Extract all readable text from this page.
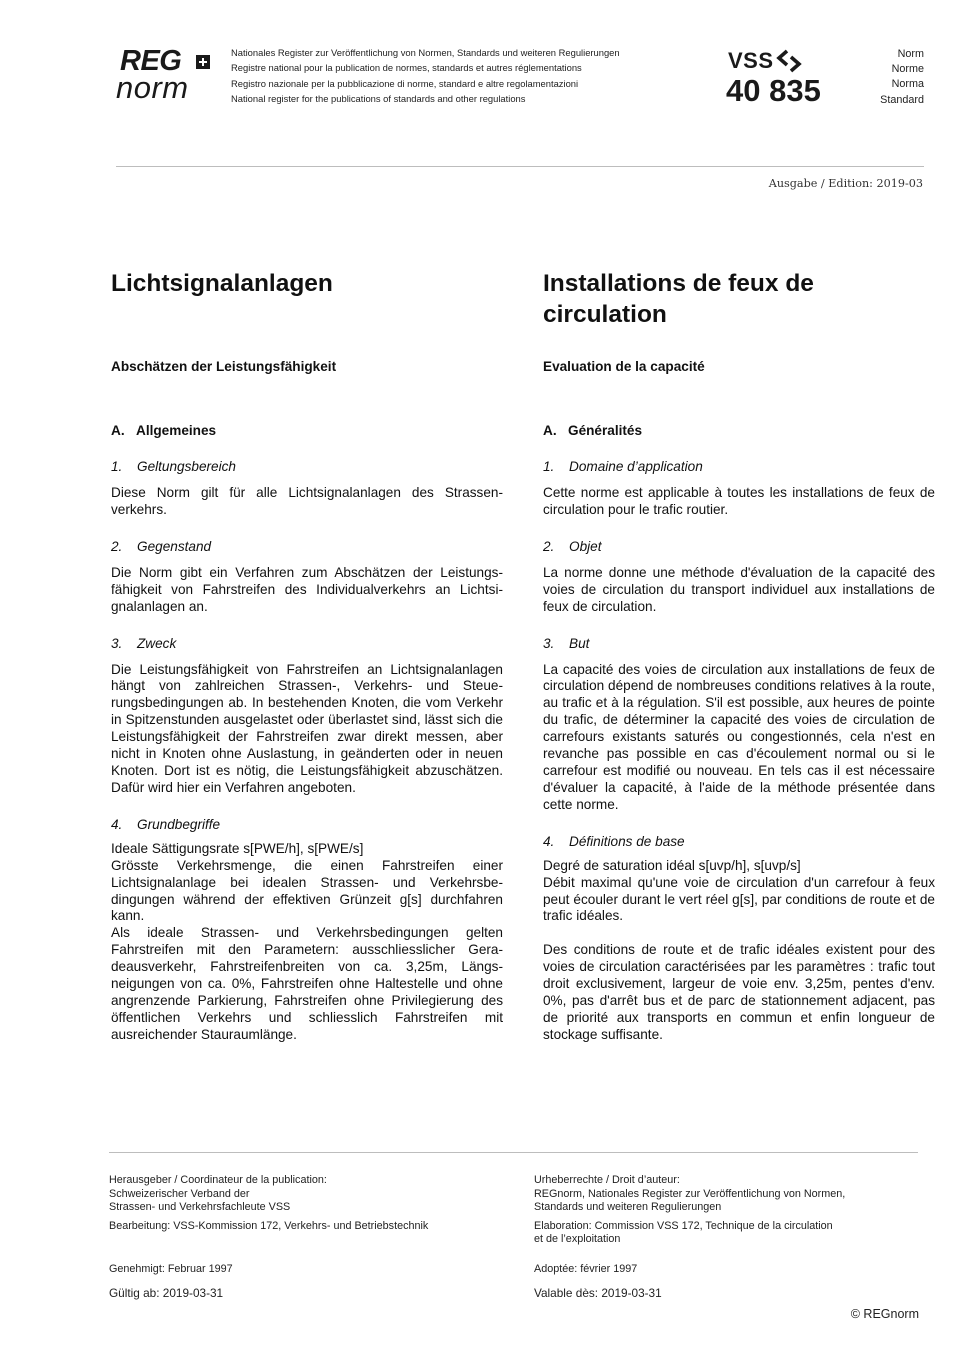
REG
norm
Nationales Register zur Veröffentlichung von Normen, Standards und weiteren Regulierungen
Registre national pour la publication de normes, standards et autres réglementations
Registro nazionale per la pubblicazione di norme, standard e altre regolamentazioni
National register for the publications of standards and other regulations
VSS
40 835
Norm
Norme
Norma
Standard
Ausgabe / Edition: 2019-03
Lichtsignalanlagen

Abschätzen der Leistungsfähigkeit

A. Allgemeines

1. Geltungsbereich

Diese Norm gilt für alle Lichtsignalanlagen des Strassenverkehrs.

2. Gegenstand

Die Norm gibt ein Verfahren zum Abschätzen der Leistungsfähigkeit von Fahrstreifen des Individualverkehrs an Lichtsignalanlagen an.

3. Zweck

Die Leistungsfähigkeit von Fahrstreifen an Lichtsignalanlagen hängt von zahlreichen Strassen-, Verkehrs- und Steuerungsbedingungen ab. In bestehenden Knoten, die vom Verkehr in Spitzenstunden ausgelastet oder überlastet sind, lässt sich die Leistungsfähigkeit der Fahrstreifen zwar direkt messen, aber nicht in Knoten ohne Auslastung, in geänderten oder in neuen Knoten. Dort ist es nötig, die Leistungsfähigkeit abzuschätzen. Dafür wird hier ein Verfahren angeboten.

4. Grundbegriffe

Ideale Sättigungsrate s[PWE/h], s[PWE/s]

Grösste Verkehrsmenge, die einen Fahrstreifen einer Lichtsignalanlage bei idealen Strassen- und Verkehrsbedingungen während der effektiven Grünzeit g[s] durchfahren kann.

Als ideale Strassen- und Verkehrsbedingungen gelten Fahrstreifen mit den Parametern: ausschliesslicher Geradeausverkehr, Fahrstreifenbreiten von ca. 3,25m, Längsneigungen von ca. 0%, Fahrstreifen ohne Haltestelle und ohne angrenzende Parkierung, Fahrstreifen ohne Privilegierung des öffentlichen Verkehrs und schliesslich Fahrstreifen mit ausreichender Stauraumlänge.

Installations de feux de circulation

Evaluation de la capacité

A. Généralités

1. Domaine d’application

Cette norme est applicable à toutes les installations de feux de circulation pour le trafic routier.

2. Objet

La norme donne une méthode d'évaluation de la capacité des voies de circulation du transport individuel aux installations de feux de circulation.

3. But

La capacité des voies de circulation aux installations de feux de circulation dépend de nombreuses conditions relatives à la route, au trafic et à la régulation. S'il est possible, aux heures de pointe du trafic, de déterminer la capacité des voies de circulation de carrefours existants saturés ou congestionnés, cela n'est en revanche pas possible en cas d'écoulement normal ou si le carrefour est modifié ou nouveau. En tels cas il est nécessaire d'évaluer la capacité, à l'aide de la méthode présentée dans cette norme.

4. Définitions de base

Degré de saturation idéal s[uvp/h], s[uvp/s]

Débit maximal qu'une voie de circulation d'un carrefour à feux peut écouler durant le vert réel g[s], par conditions de route et de trafic idéales.

Des conditions de route et de trafic idéales existent pour des voies de circulation caractérisées par les paramètres : trafic tout droit exclusivement, largeur de voie env. 3,25m, pentes d'env. 0%, pas d'arrêt bus et de parc de stationnement adjacent, pas de priorité aux transports en commun et enfin longueur de stockage suffisante.

Herausgeber / Coordinateur de la publication:

Schweizerischer Verband der

Strassen- und Verkehrsfachleute VSS

Bearbeitung: VSS-Kommission 172, Verkehrs- und Betriebstechnik

Genehmigt: Februar 1997

Gültig ab: 2019-03-31

Urheberrechte / Droit d’auteur:

REGnorm, Nationales Register zur Veröffentlichung von Normen,

Standards und weiteren Regulierungen

Elaboration: Commission VSS 172, Technique de la circulation

et de l’exploitation

Adoptée: février 1997

Valable dès: 2019-03-31

© REGnorm
